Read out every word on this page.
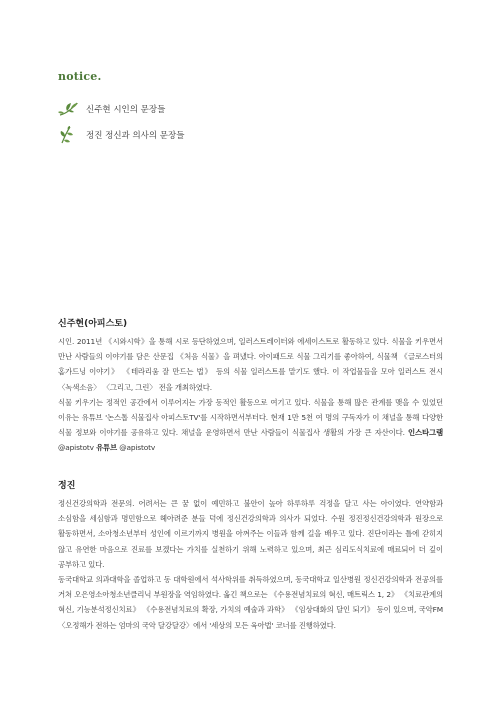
notice.
신주현 시인의 문장들
정진 정신과 의사의 문장들
신주현(아피스토)

시인. 2011년 《시와시학》을 통해 시로 등단하였으며, 일러스트레이터와 에세이스트로 활동하고 있다. 식물을 키우면서 만난 사람들의 이야기를 담은 산문집 《처음 식물》을 펴냈다. 아이패드로 식물 그리기를 좋아하여, 식물책 《글로스터의 홈가드닝 이야기》 《테라리움 잘 만드는 법》 등의 식물 일러스트를 맡기도 했다. 이 작업물들을 모아 일러스트 전시 〈녹색소음〉 〈그리고, 그린〉 전을 개최하였다.

식물 키우기는 정적인 공간에서 이루어지는 가장 동적인 활동으로 여기고 있다. 식물을 통해 많은 관계를 맺을 수 있었던 이유는 유튜브 '논스톱 식물집사 아피스토TV'를 시작하면서부터다. 현재 1만 5천 여 명의 구독자가 이 채널을 통해 다양한 식물 정보와 이야기를 공유하고 있다. 채널을 운영하면서 만난 사람들이 식물집사 생활의 가장 큰 자산이다. 인스타그램 @apistotv 유튜브 @apistotv

정진

정신건강의학과 전문의. 어려서는 큰 꿈 없이 예민하고 불안이 높아 하루하루 걱정을 달고 사는 아이였다. 연약함과 소심함을 세심함과 명민함으로 헤아려준 분들 덕에 정신건강의학과 의사가 되었다. 수원 정진정신건강의학과 원장으로 활동하면서, 소아청소년부터 성인에 이르기까지 병원을 아껴주는 이들과 함께 길을 배우고 있다. 진단이라는 틀에 갇히지 않고 유연한 마음으로 진료를 보겠다는 가치를 실천하기 위해 노력하고 있으며, 최근 심리도식치료에 매료되어 더 깊이 공부하고 있다.

동국대학교 의과대학을 졸업하고 동 대학원에서 석사학위를 취득하였으며, 동국대학교 일산병원 정신건강의학과 전공의를 거쳐 오은영소아청소년클리닉 부원장을 역임하였다. 옮긴 책으로는 《수용전념치료의 혁신, 매트릭스 1, 2》 《치료관계의 혁신, 기능분석정신치료》 《수용전념치료의 확장, 가치의 예술과 과학》 《임상대화의 달인 되기》 등이 있으며, 국악FM 〈오정해가 전하는 엄마의 국악 달강달강〉에서 '세상의 모든 육아법' 코너를 진행하였다.
